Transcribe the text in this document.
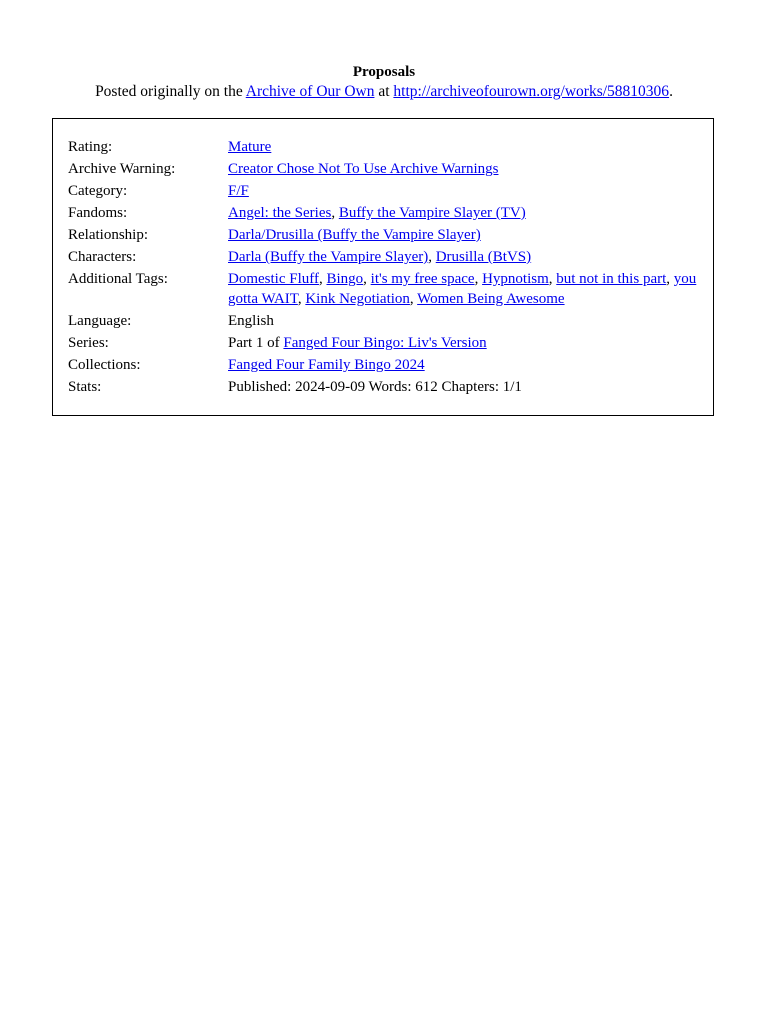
Proposals
Posted originally on the Archive of Our Own at http://archiveofourown.org/works/58810306.
Rating:	Mature
Archive Warning:	Creator Chose Not To Use Archive Warnings
Category:	F/F
Fandoms:	Angel: the Series, Buffy the Vampire Slayer (TV)
Relationship:	Darla/Drusilla (Buffy the Vampire Slayer)
Characters:	Darla (Buffy the Vampire Slayer), Drusilla (BtVS)
Additional Tags:	Domestic Fluff, Bingo, it's my free space, Hypnotism, but not in this part, you gotta WAIT, Kink Negotiation, Women Being Awesome
Language:	English
Series:	Part 1 of Fanged Four Bingo: Liv's Version
Collections:	Fanged Four Family Bingo 2024
Stats:	Published: 2024-09-09 Words: 612 Chapters: 1/1
